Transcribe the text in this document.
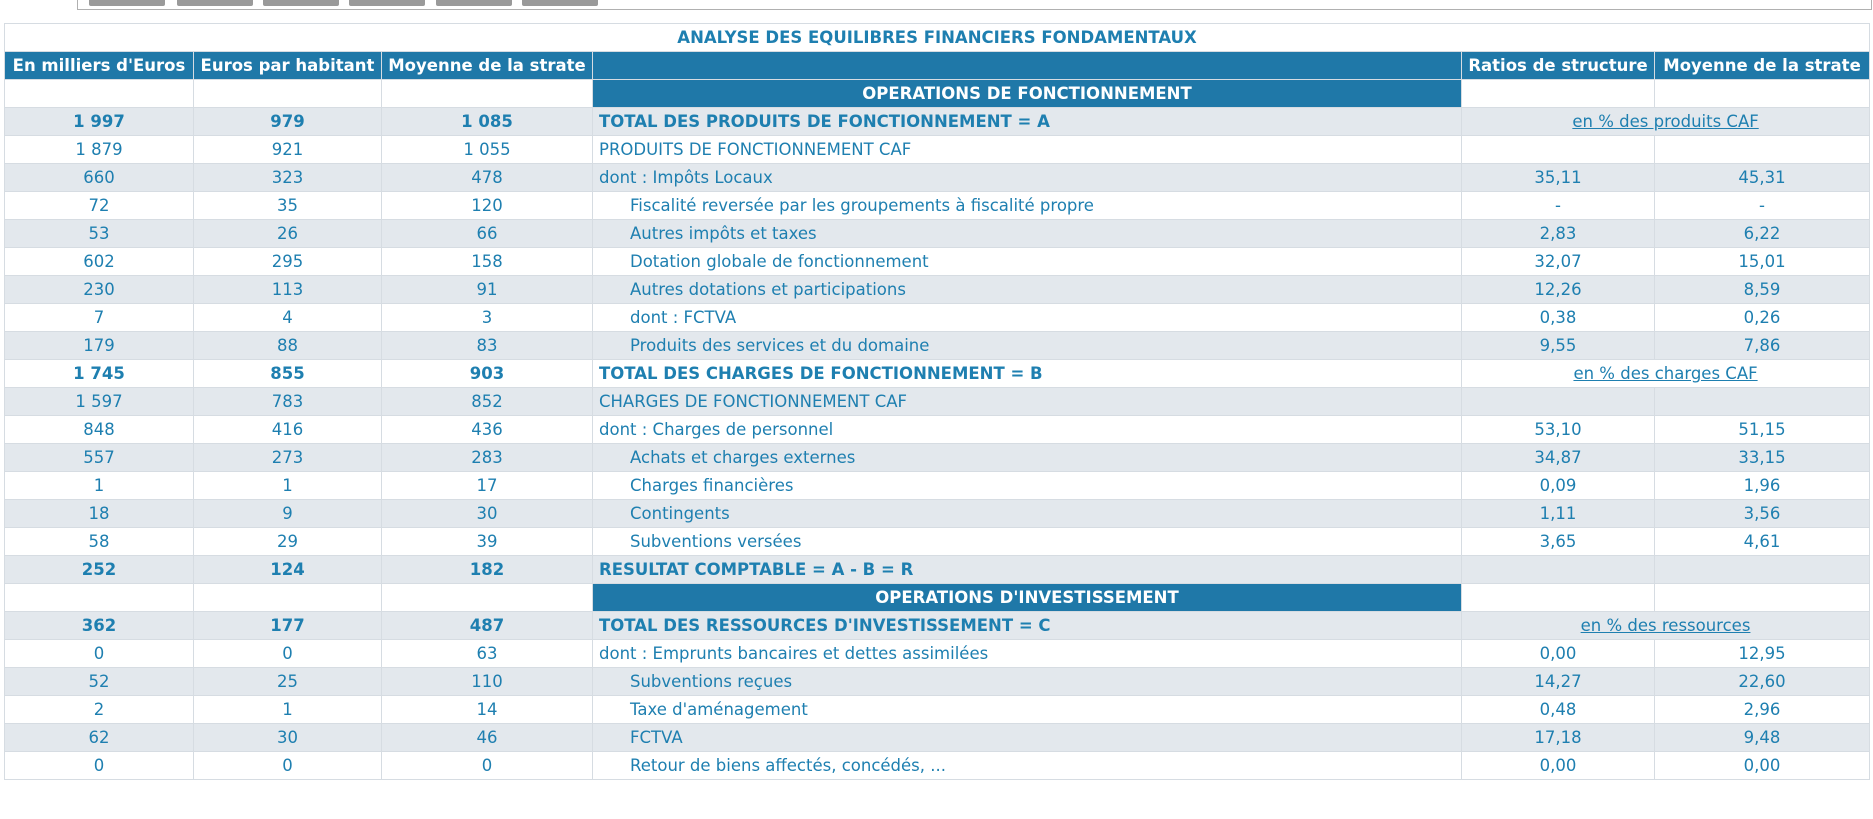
ANALYSE DES EQUILIBRES FINANCIERS FONDAMENTAUX					
En milliers d'Euros	Euros par habitant	Moyenne de la strate		Ratios de structure	Moyenne de la strate
			OPERATIONS DE FONCTIONNEMENT		
1 997	979	1 085	TOTAL DES PRODUITS DE FONCTIONNEMENT = A	en % des produits CAF	
1 879	921	1 055	PRODUITS DE FONCTIONNEMENT CAF		
660	323	478	dont : Impôts Locaux	35,11	45,31
72	35	120	Fiscalité reversée par les groupements à fiscalité propre	-	-
53	26	66	Autres impôts et taxes	2,83	6,22
602	295	158	Dotation globale de fonctionnement	32,07	15,01
230	113	91	Autres dotations et participations	12,26	8,59
7	4	3	dont : FCTVA	0,38	0,26
179	88	83	Produits des services et du domaine	9,55	7,86
1 745	855	903	TOTAL DES CHARGES DE FONCTIONNEMENT = B	en % des charges CAF	
1 597	783	852	CHARGES DE FONCTIONNEMENT CAF		
848	416	436	dont : Charges de personnel	53,10	51,15
557	273	283	Achats et charges externes	34,87	33,15
1	1	17	Charges financières	0,09	1,96
18	9	30	Contingents	1,11	3,56
58	29	39	Subventions versées	3,65	4,61
252	124	182	RESULTAT COMPTABLE = A - B = R		
			OPERATIONS D'INVESTISSEMENT		
362	177	487	TOTAL DES RESSOURCES D'INVESTISSEMENT = C	en % des ressources	
0	0	63	dont : Emprunts bancaires et dettes assimilées	0,00	12,95
52	25	110	Subventions reçues	14,27	22,60
2	1	14	Taxe d'aménagement	0,48	2,96
62	30	46	FCTVA	17,18	9,48
0	0	0	Retour de biens affectés, concédés, ...	0,00	0,00
